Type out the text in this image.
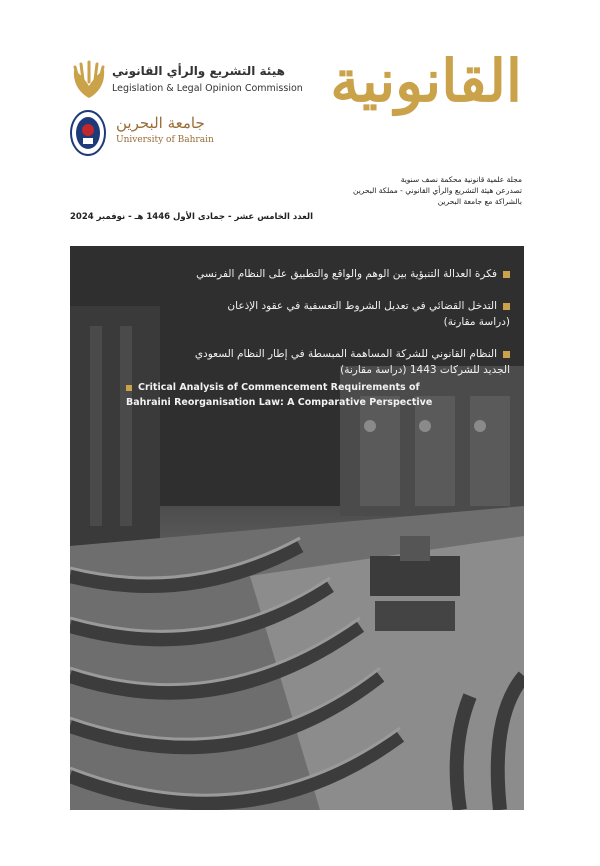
هيئة التشريع والرأي القانوني
Legislation & Legal Opinion Commission
جامعة البحرين
University of Bahrain
القانونية
مجلة علمية قانونية محكمة نصف سنوية
تصدرعن هيئة التشريع والرأي القانوني - مملكة البحرين
بالشراكة مع جامعة البحرين
العدد الخامس عشر - جمادى الأول 1446 هـ - نوفمبر 2024
فكرة العدالة التنبؤية بين الوهم والواقع والتطبيق على النظام الفرنسي
التدخل القضائي في تعديل الشروط التعسفية في عقود الإذعان
(دراسة مقارنة)
النظام القانوني للشركة المساهمة المبسطة في إطار النظام السعودي
الجديد للشركات 1443 (دراسة مقارنة)
Critical Analysis of Commencement Requirements of
Bahraini Reorganisation Law: A Comparative Perspective
